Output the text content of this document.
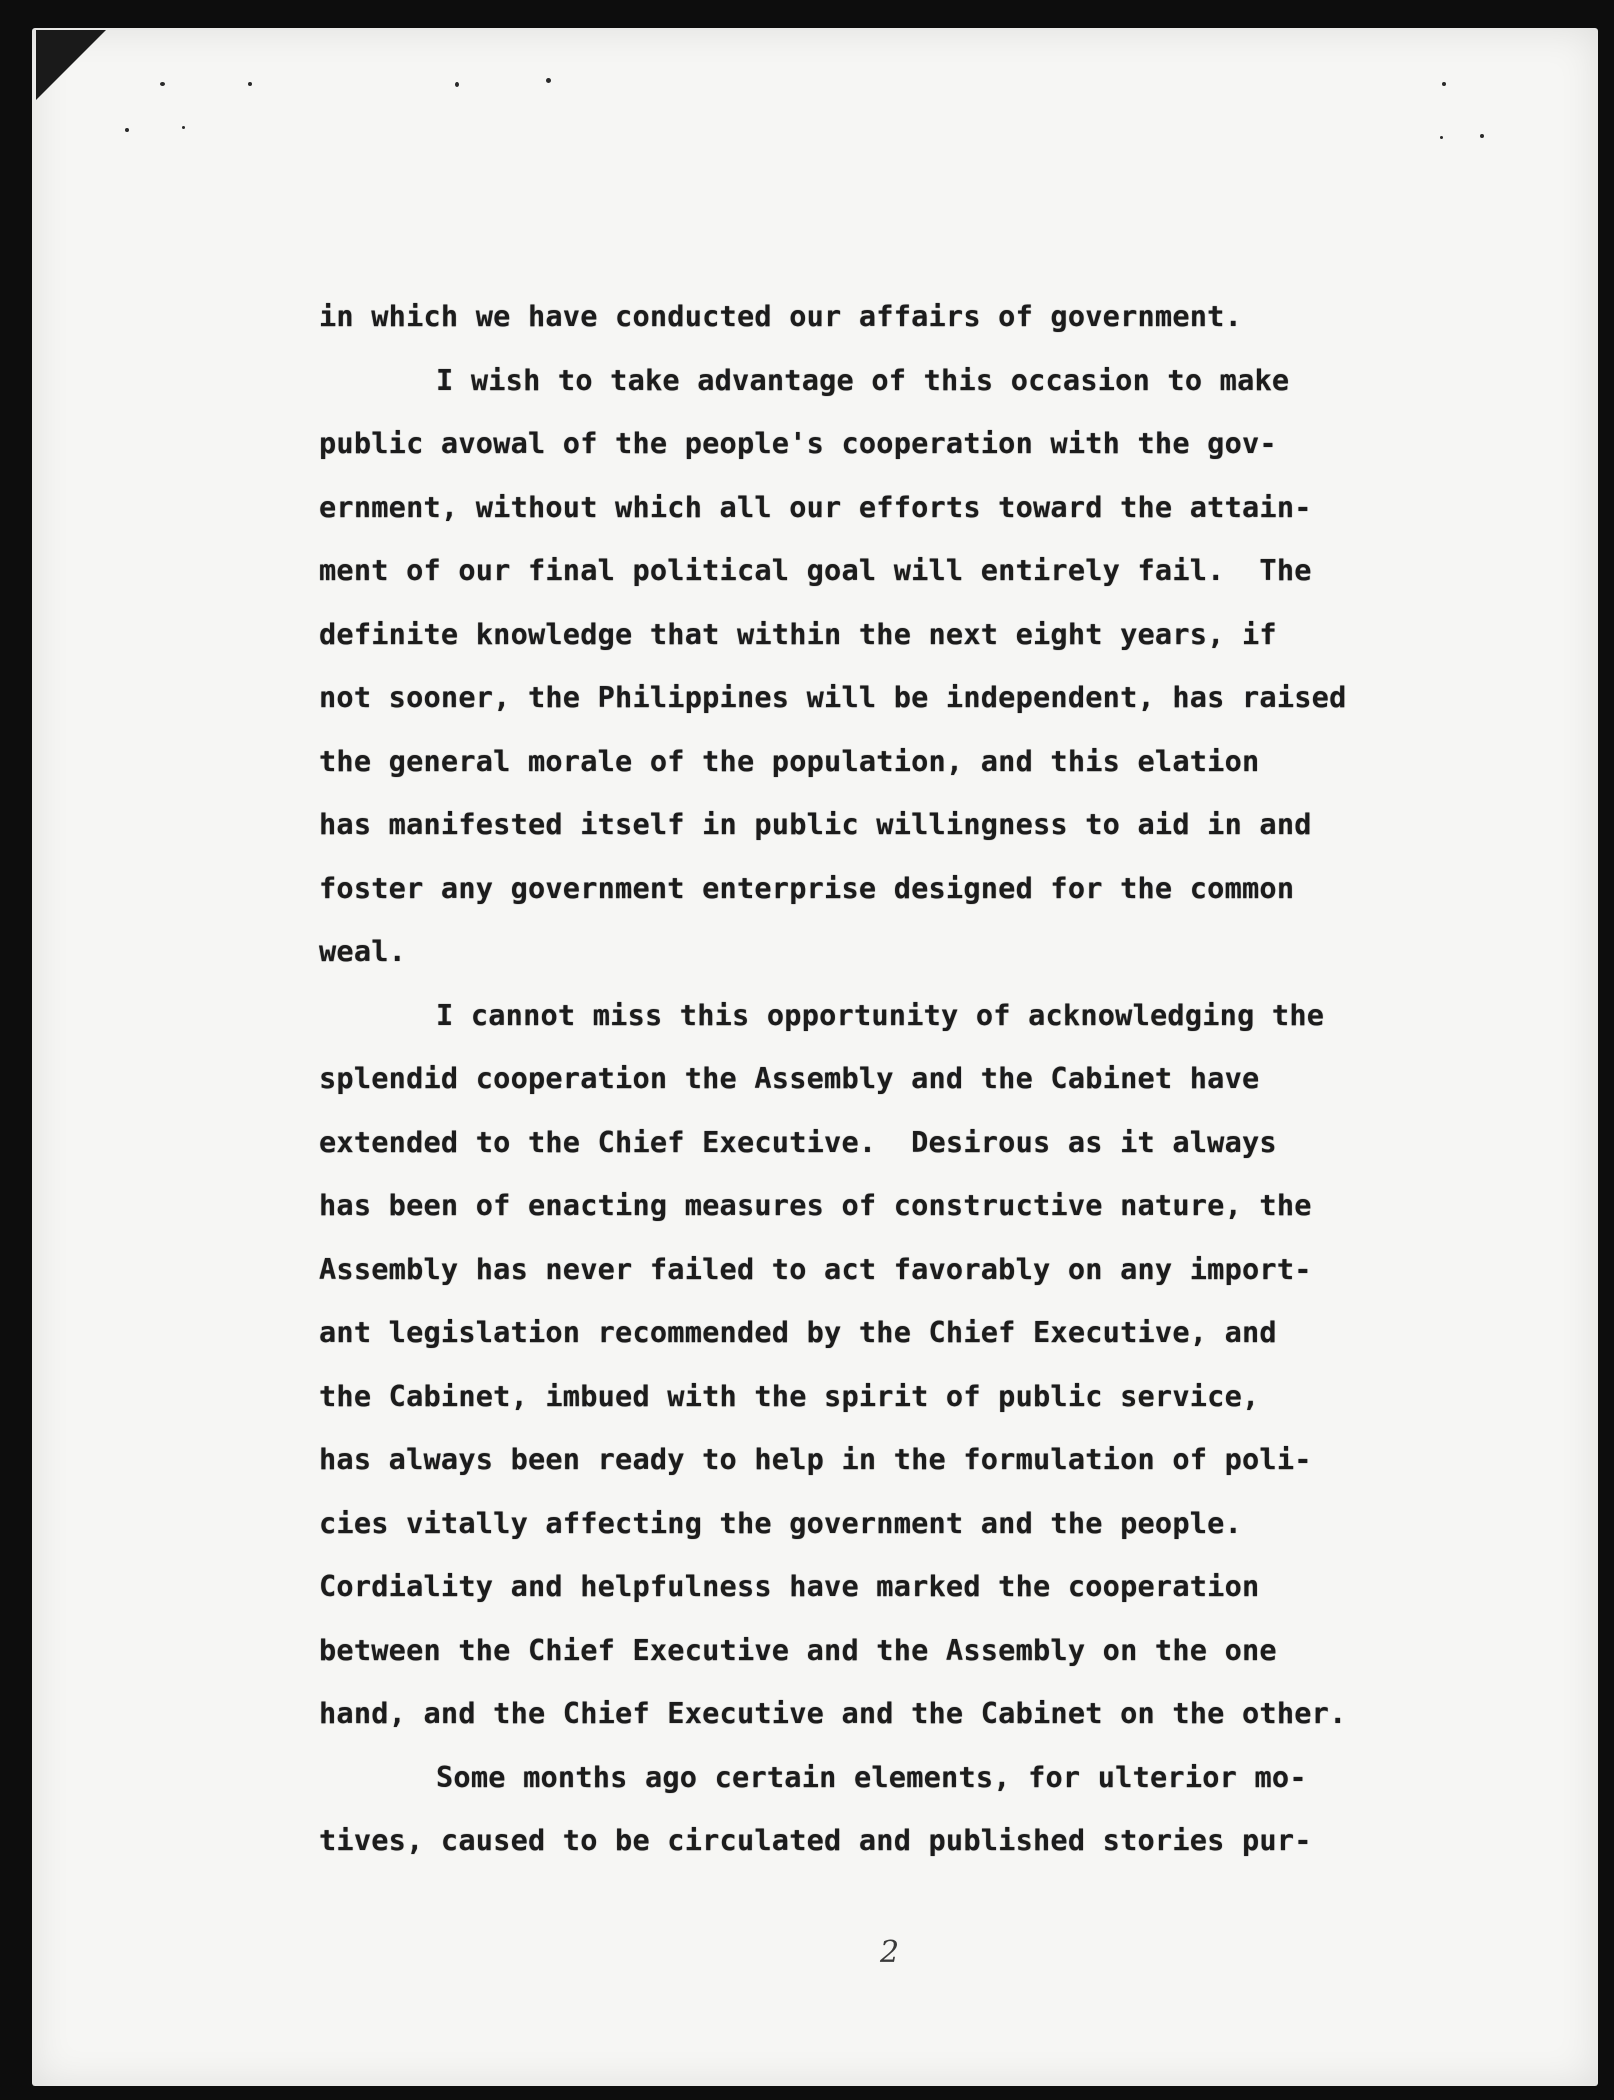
in which we have conducted our affairs of government.
I wish to take advantage of this occasion to make
public avowal of the people's cooperation with the gov-
ernment, without which all our efforts toward the attain-
ment of our final political goal will entirely fail.  The
definite knowledge that within the next eight years, if
not sooner, the Philippines will be independent, has raised
the general morale of the population, and this elation
has manifested itself in public willingness to aid in and
foster any government enterprise designed for the common
weal.
I cannot miss this opportunity of acknowledging the
splendid cooperation the Assembly and the Cabinet have
extended to the Chief Executive.  Desirous as it always
has been of enacting measures of constructive nature, the
Assembly has never failed to act favorably on any import-
ant legislation recommended by the Chief Executive, and
the Cabinet, imbued with the spirit of public service,
has always been ready to help in the formulation of poli-
cies vitally affecting the government and the people.
Cordiality and helpfulness have marked the cooperation
between the Chief Executive and the Assembly on the one
hand, and the Chief Executive and the Cabinet on the other.
Some months ago certain elements, for ulterior mo-
tives, caused to be circulated and published stories pur-
2
